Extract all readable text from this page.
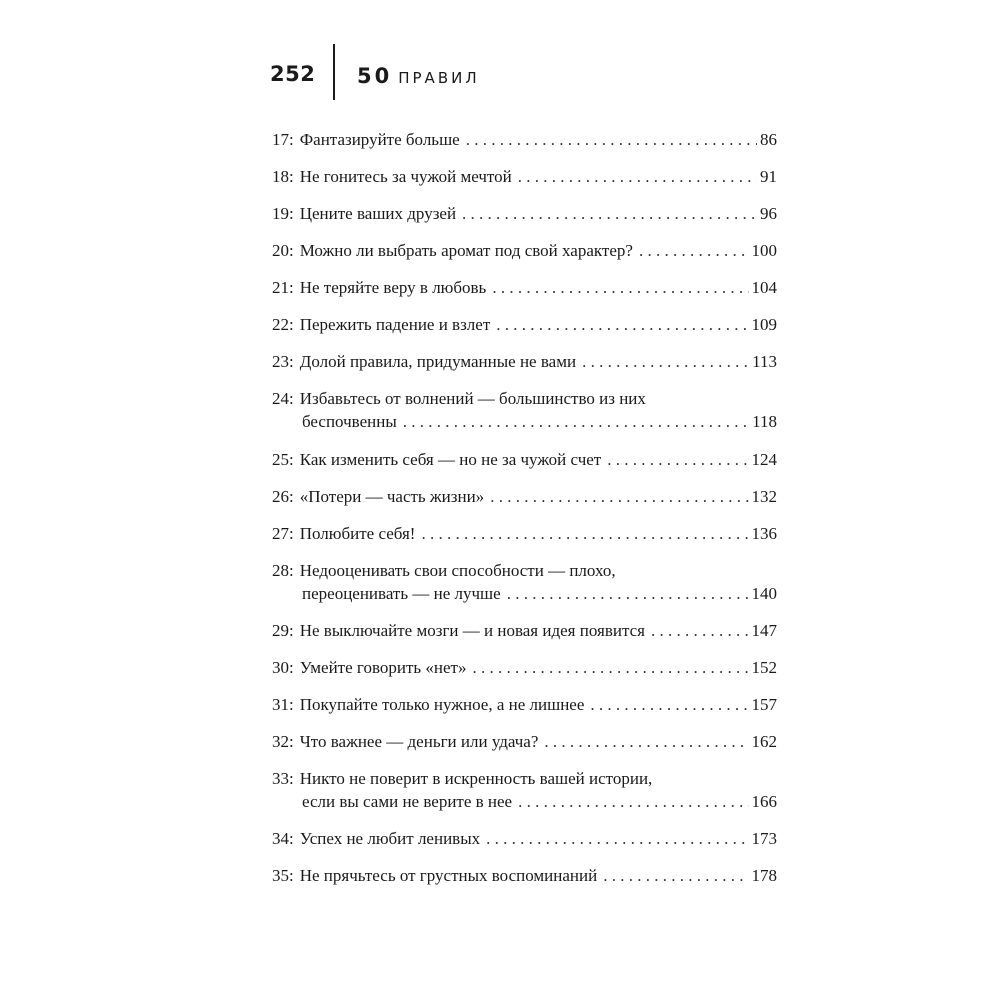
252 50 ПРАВИЛ
17: Фантазируйте больше . . .	86
18: Не гонитесь за чужой мечтой . . .	91
19: Цените ваших друзей . . .	96
20: Можно ли выбрать аромат под свой характер? . . .	100
21: Не теряйте веру в любовь . . .	104
22: Пережить падение и взлет . . .	109
23: Долой правила, придуманные не вами . . .	113
24: Избавьтесь от волнений — большинство из них
беспочвенны . . .	118
25: Как изменить себя — но не за чужой счет . . .	124
26: «Потери — часть жизни» . . .	132
27: Полюбите себя! . . .	136
28: Недооценивать свои способности — плохо,
переоценивать — не лучше . . .	140
29: Не выключайте мозги — и новая идея появится . . .	147
30: Умейте говорить «нет» . . .	152
31: Покупайте только нужное, а не лишнее . . .	157
32: Что важнее — деньги или удача? . . .	162
33: Никто не поверит в искренность вашей истории,
если вы сами не верите в нее . . .	166
34: Успех не любит ленивых . . .	173
35: Не прячьтесь от грустных воспоминаний . . .	178
